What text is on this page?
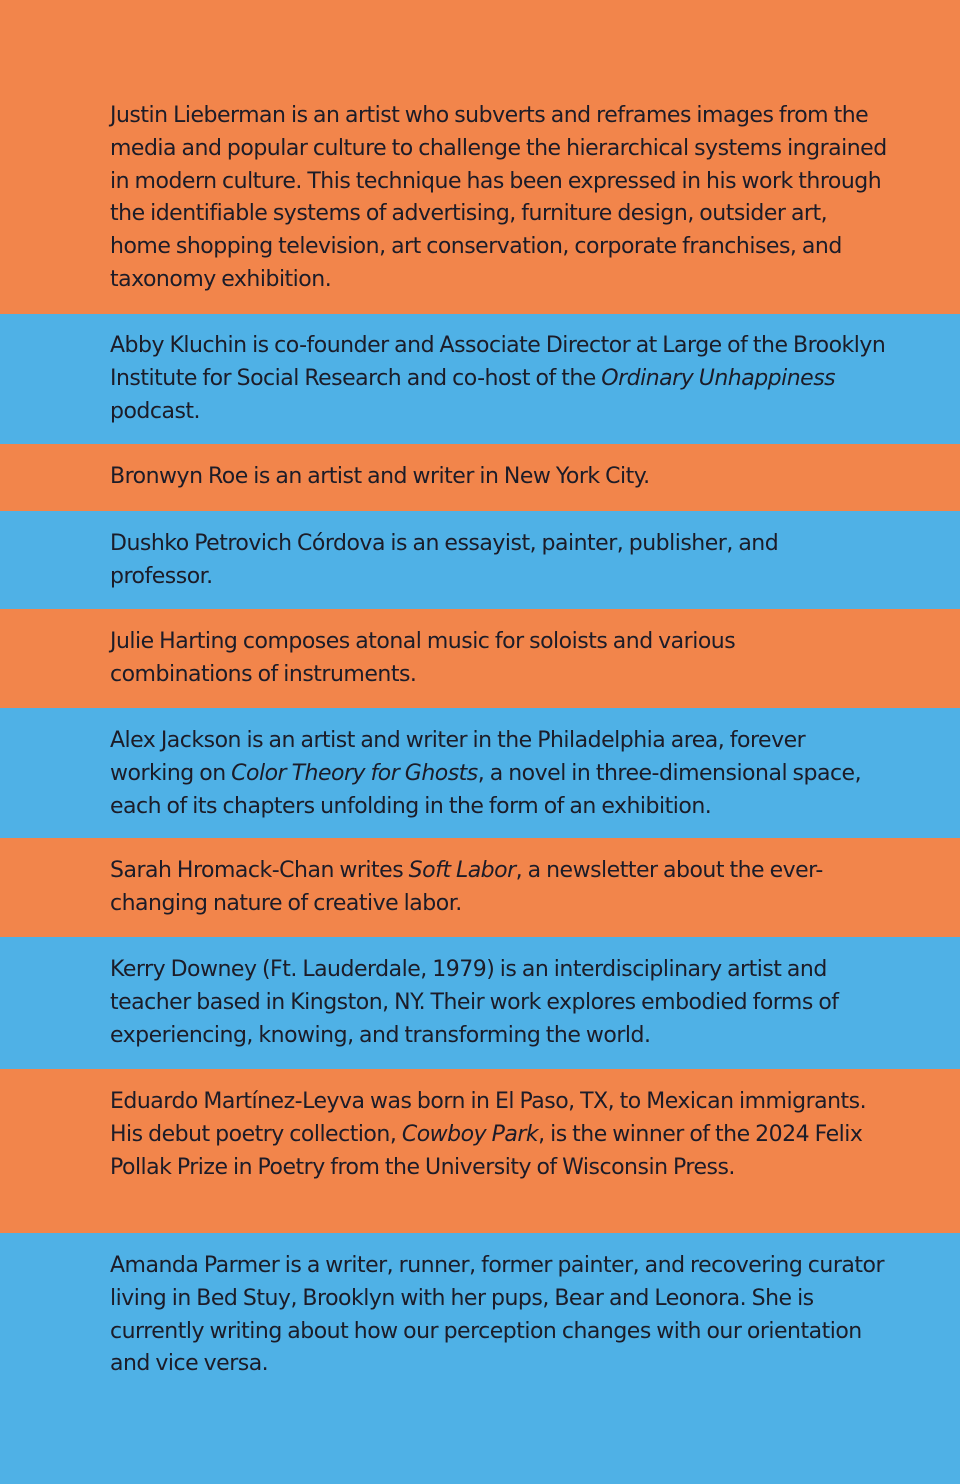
Justin Lieberman is an artist who subverts and reframes images from the media and popular culture to challenge the hierarchical systems ingrained in modern culture. This technique has been expressed in his work through the identifiable systems of advertising, furniture design, outsider art, home shopping television, art conservation, corporate franchises, and taxonomy exhibition.

Abby Kluchin is co-founder and Associate Director at Large of the Brooklyn Institute for Social Research and co-host of the Ordinary Unhappiness podcast.

Bronwyn Roe is an artist and writer in New York City.

Dushko Petrovich Córdova is an essayist, painter, publisher, and professor.

Julie Harting composes atonal music for soloists and various combinations of instruments.

Alex Jackson is an artist and writer in the Philadelphia area, forever working on Color Theory for Ghosts, a novel in three-dimensional space, each of its chapters unfolding in the form of an exhibition.

Sarah Hromack-Chan writes Soft Labor, a newsletter about the ever-changing nature of creative labor.

Kerry Downey (Ft. Lauderdale, 1979) is an interdisciplinary artist and teacher based in Kingston, NY. Their work explores embodied forms of experiencing, knowing, and transforming the world.

Eduardo Martínez-Leyva was born in El Paso, TX, to Mexican immigrants. His debut poetry collection, Cowboy Park, is the winner of the 2024 Felix Pollak Prize in Poetry from the University of Wisconsin Press.

Amanda Parmer is a writer, runner, former painter, and recovering curator living in Bed Stuy, Brooklyn with her pups, Bear and Leonora. She is currently writing about how our perception changes with our orientation and vice versa.
